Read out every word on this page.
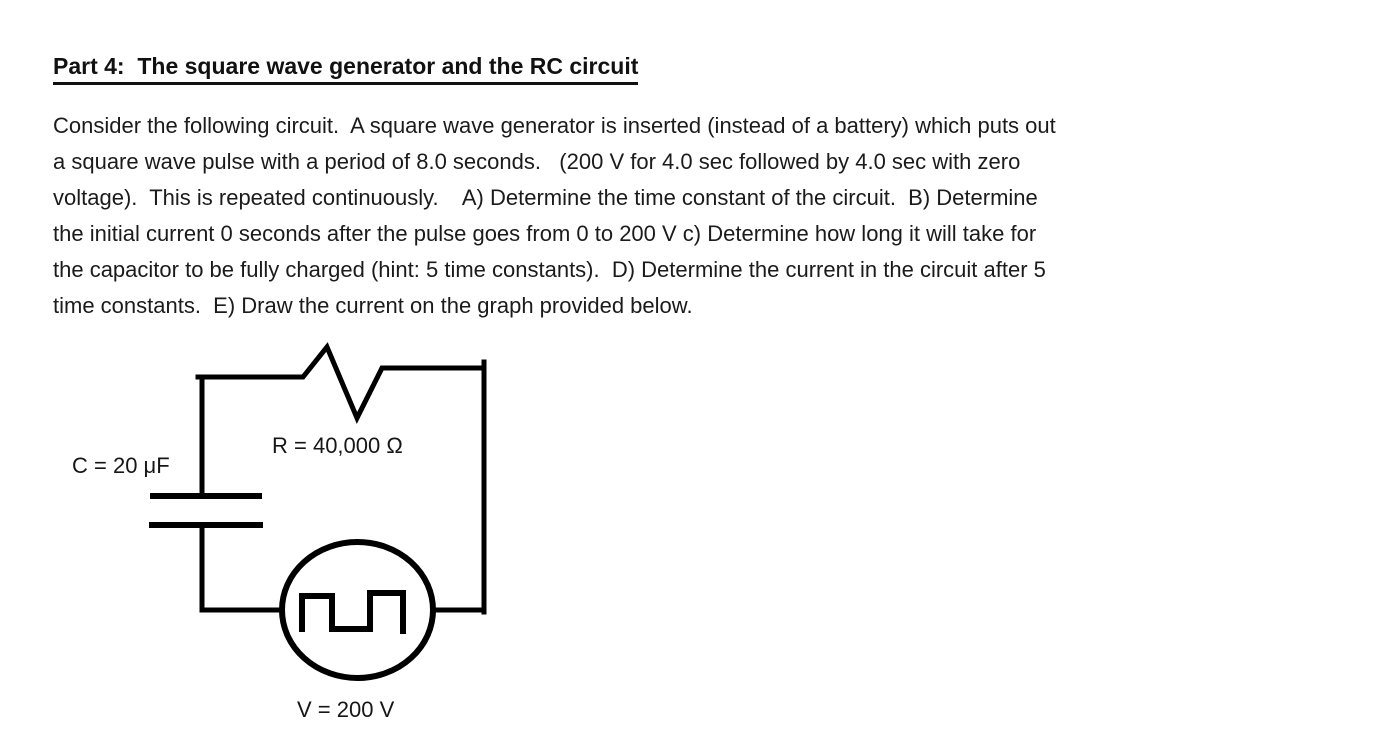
Part 4:  The square wave generator and the RC circuit
Consider the following circuit.  A square wave generator is inserted (instead of a battery) which puts out
a square wave pulse with a period of 8.0 seconds.   (200 V for 4.0 sec followed by 4.0 sec with zero
voltage).  This is repeated continuously.    A) Determine the time constant of the circuit.  B) Determine
the initial current 0 seconds after the pulse goes from 0 to 200 V c) Determine how long it will take for
the capacitor to be fully charged (hint: 5 time constants).  D) Determine the current in the circuit after 5
time constants.  E) Draw the current on the graph provided below.
R = 40,000 Ω
C = 20 μF
V = 200 V
